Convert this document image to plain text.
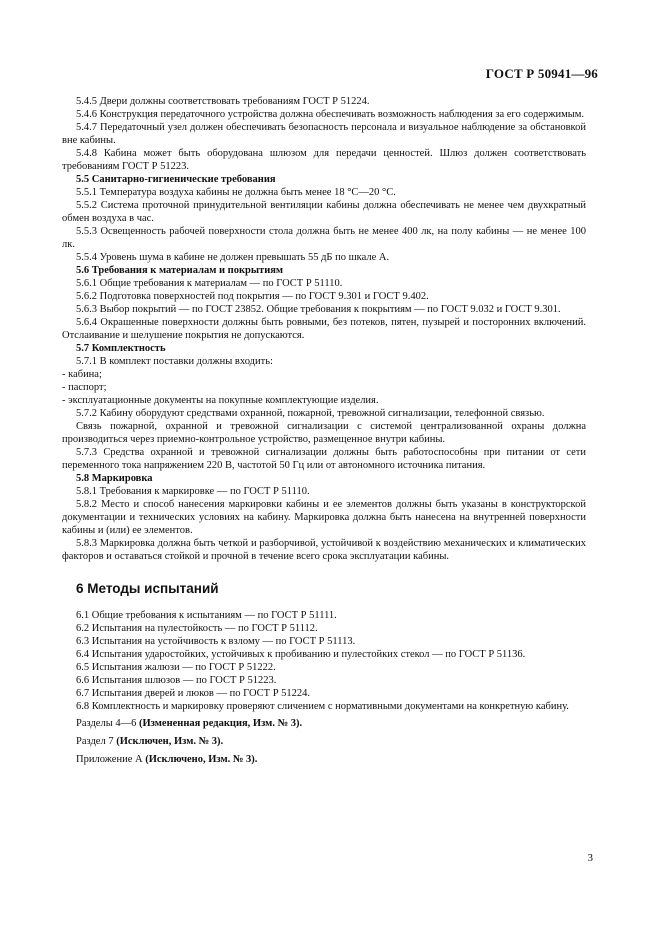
ГОСТ Р 50941—96

5.4.5 Двери должны соответствовать требованиям ГОСТ Р 51224.

5.4.6 Конструкция передаточного устройства должна обеспечивать возможность наблюдения за его содержимым.

5.4.7 Передаточный узел должен обеспечивать безопасность персонала и визуальное наблюдение за обстановкой вне кабины.

5.4.8 Кабина может быть оборудована шлюзом для передачи ценностей. Шлюз должен соответствовать требованиям ГОСТ Р 51223.

5.5 Санитарно-гигиенические требования

5.5.1 Температура воздуха кабины не должна быть менее 18 °С—20 °С.

5.5.2 Система проточной принудительной вентиляции кабины должна обеспечивать не менее чем двухкратный обмен воздуха в час.

5.5.3 Освещенность рабочей поверхности стола должна быть не менее 400 лк, на полу кабины — не менее 100 лк.

5.5.4 Уровень шума в кабине не должен превышать 55 дБ по шкале А.

5.6 Требования к материалам и покрытиям

5.6.1 Общие требования к материалам — по ГОСТ Р 51110.

5.6.2 Подготовка поверхностей под покрытия — по ГОСТ 9.301 и ГОСТ 9.402.

5.6.3 Выбор покрытий — по ГОСТ 23852. Общие требования к покрытиям — по ГОСТ 9.032 и ГОСТ 9.301.

5.6.4 Окрашенные поверхности должны быть ровными, без потеков, пятен, пузырей и посторонних включений. Отслаивание и шелушение покрытия не допускаются.

5.7 Комплектность

5.7.1 В комплект поставки должны входить:

- кабина;

- паспорт;

- эксплуатационные документы на покупные комплектующие изделия.

5.7.2 Кабину оборудуют средствами охранной, пожарной, тревожной сигнализации, телефонной связью.

Связь пожарной, охранной и тревожной сигнализации с системой централизованной охраны должна производиться через приемно-контрольное устройство, размещенное внутри кабины.

5.7.3 Средства охранной и тревожной сигнализации должны быть работоспособны при питании от сети переменного тока напряжением 220 В, частотой 50 Гц или от автономного источника питания.

5.8 Маркировка

5.8.1 Требования к маркировке — по ГОСТ Р 51110.

5.8.2 Место и способ нанесения маркировки кабины и ее элементов должны быть указаны в конструкторской документации и технических условиях на кабину. Маркировка должна быть нанесена на внутренней поверхности кабины и (или) ее элементов.

5.8.3 Маркировка должна быть четкой и разборчивой, устойчивой к воздействию механических и климатических факторов и оставаться стойкой и прочной в течение всего срока эксплуатации кабины.

6 Методы испытаний

6.1 Общие требования к испытаниям — по ГОСТ Р 51111.

6.2 Испытания на пулестойкость — по ГОСТ Р 51112.

6.3 Испытания на устойчивость к взлому — по ГОСТ Р 51113.

6.4 Испытания ударостойких, устойчивых к пробиванию и пулестойких стекол — по ГОСТ Р 51136.

6.5 Испытания жалюзи — по ГОСТ Р 51222.

6.6 Испытания шлюзов — по ГОСТ Р 51223.

6.7 Испытания дверей и люков — по ГОСТ Р 51224.

6.8 Комплектность и маркировку проверяют сличением с нормативными документами на конкретную кабину.

Разделы 4—6 (Измененная редакция, Изм. № 3).

Раздел 7 (Исключен, Изм. № 3).

Приложение А (Исключено, Изм. № 3).

3
